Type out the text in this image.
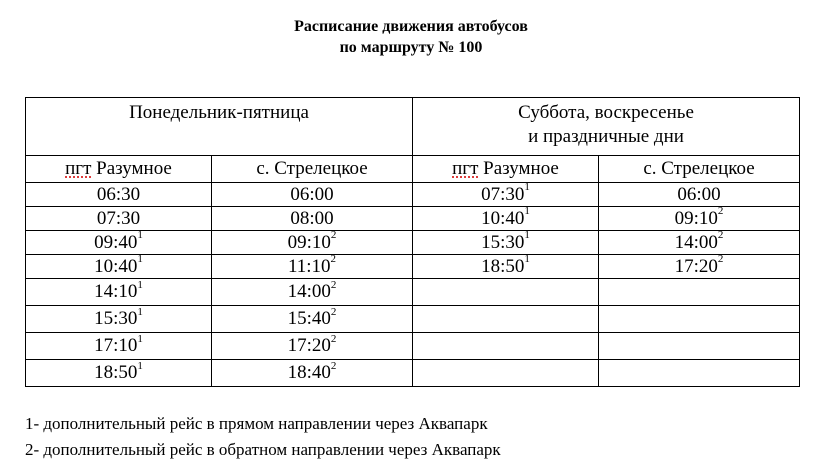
Расписание движения автобусов
по маршруту № 100
Понедельник-пятница		Суббота, воскресенье
и праздничные дни	

пгт Разумное	с. Стрелецкое	пгт Разумное	с. Стрелецкое
06:30	06:00	$07:30^1$	06:00
07:30	08:00	$10:40^1$	$09:10^2$
$09:40^1$	$09:10^2$	$15:30^1$	$14:00^2$
$10:40^1$	$11:10^2$	$18:50^1$	$17:20^2$
$14:10^1$	$14:00^2$		
$15:30^1$	$15:40^2$		
$17:10^1$	$17:20^2$		
$18:50^1$	$18:40^2$		
1- дополнительный рейс в прямом направлении через Аквапарк
2- дополнительный рейс в обратном направлении через Аквапарк
